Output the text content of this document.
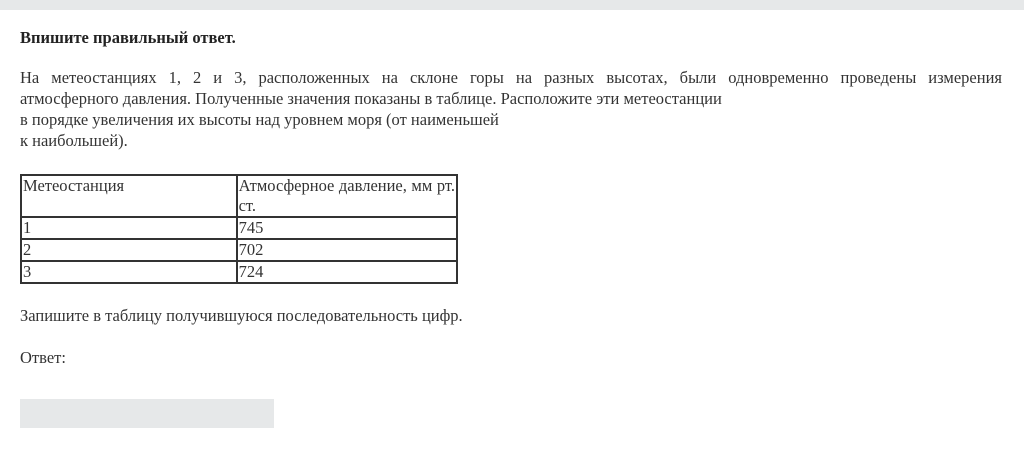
Впишите правильный ответ.

На метеостанциях 1, 2 и 3, расположенных на склоне горы на разных высотах, были одновременно проведены измерения
атмосферного давления. Полученные значения показаны в таблице. Расположите эти метеостанции
в порядке увеличения их высоты над уровнем моря (от наименьшей
к наибольшей).

Метеостанция	Атмосферное давление, мм рт. ст.
1	745
2	702
3	724

Запишите в таблицу получившуюся последовательность цифр.

Ответ:
